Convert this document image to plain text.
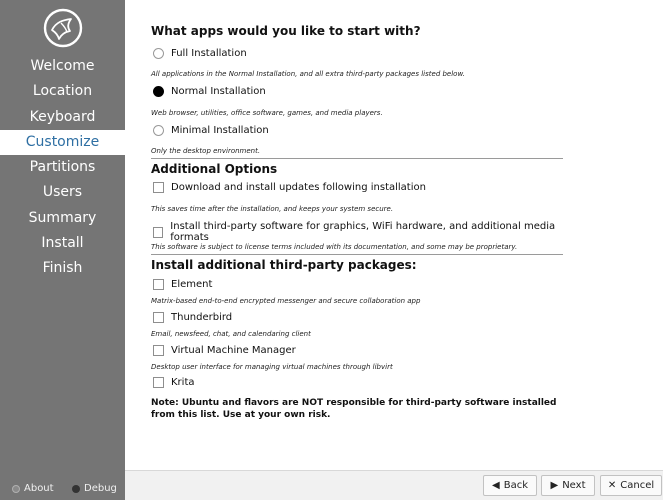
Welcome
Location
Keyboard
Customize
Partitions
Users
Summary
Install
Finish
About	Debug
What apps would you like to start with?
Full Installation
All applications in the Normal Installation, and all extra third-party packages listed below.
Normal Installation
Web browser, utilities, office software, games, and media players.
Minimal Installation
Only the desktop environment.
Additional Options
Download and install updates following installation
This saves time after the installation, and keeps your system secure.
Install third-party software for graphics, WiFi hardware, and additional media formats
This software is subject to license terms included with its documentation, and some may be proprietary.
Install additional third-party packages:
Element
Matrix-based end-to-end encrypted messenger and secure collaboration app
Thunderbird
Email, newsfeed, chat, and calendaring client
Virtual Machine Manager
Desktop user interface for managing virtual machines through libvirt
Krita
Note: Ubuntu and flavors are NOT responsible for third-party software installed from this list. Use at your own risk.
◀ Back ▶ Next ✕ Cancel
